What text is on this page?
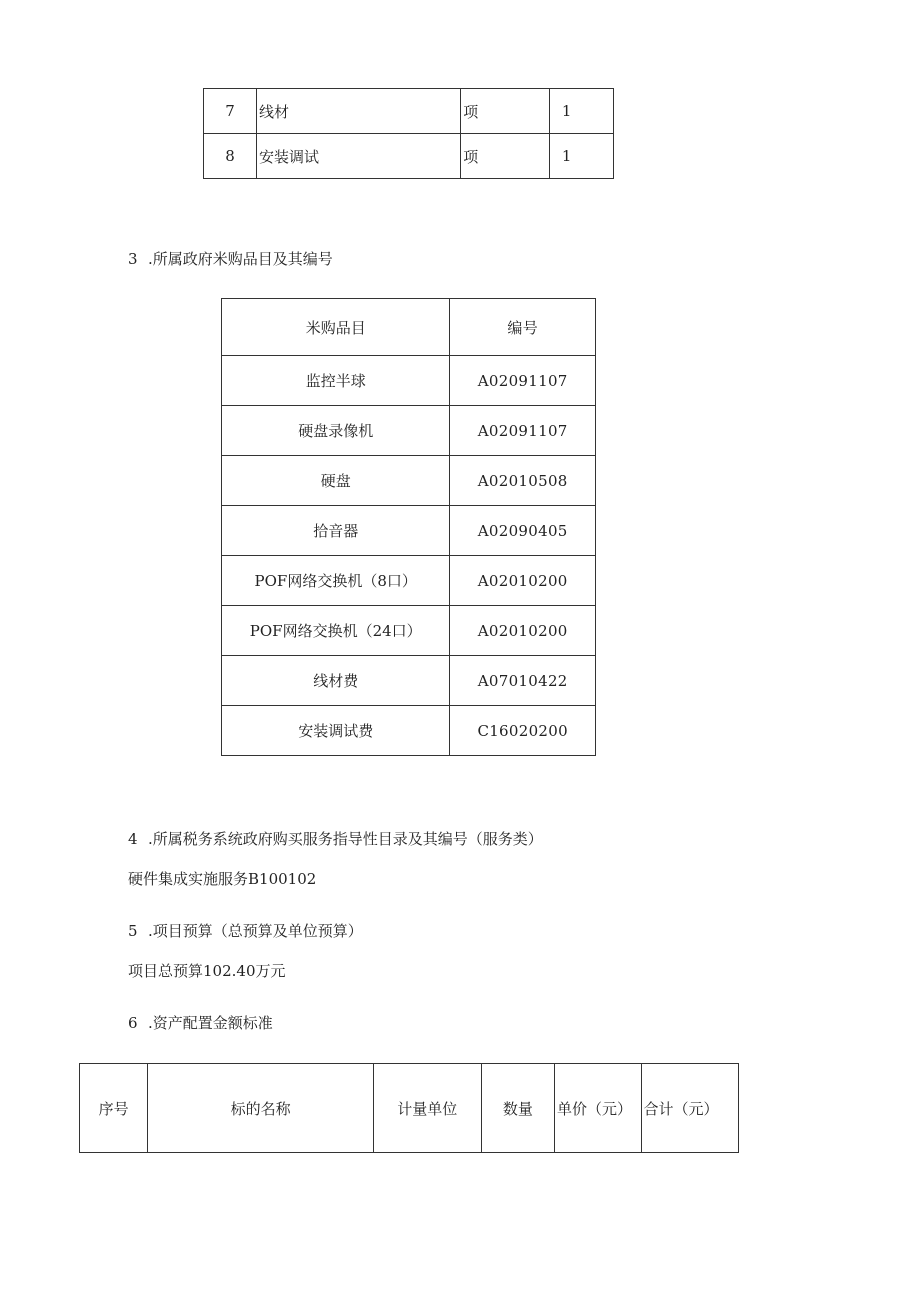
7	线材	项	1
8	安装调试	项	1
3 .所属政府米购品目及其编号
米购品目	编号
监控半球	A02091107
硬盘录像机	A02091107
硬盘	A02010508
拾音器	A02090405
POF网络交换机（8口）	A02010200
POF网络交换机（24口）	A02010200
线材费	A07010422
安装调试费	C16020200
4 .所属税务系统政府购买服务指导性目录及其编号（服务类）
硬件集成实施服务B100102
5 .项目预算（总预算及单位预算）
项目总预算102.40万元
6 .资产配置金额标准
序号	标的名称	计量单位	数量	单价（元）	合计（元）
